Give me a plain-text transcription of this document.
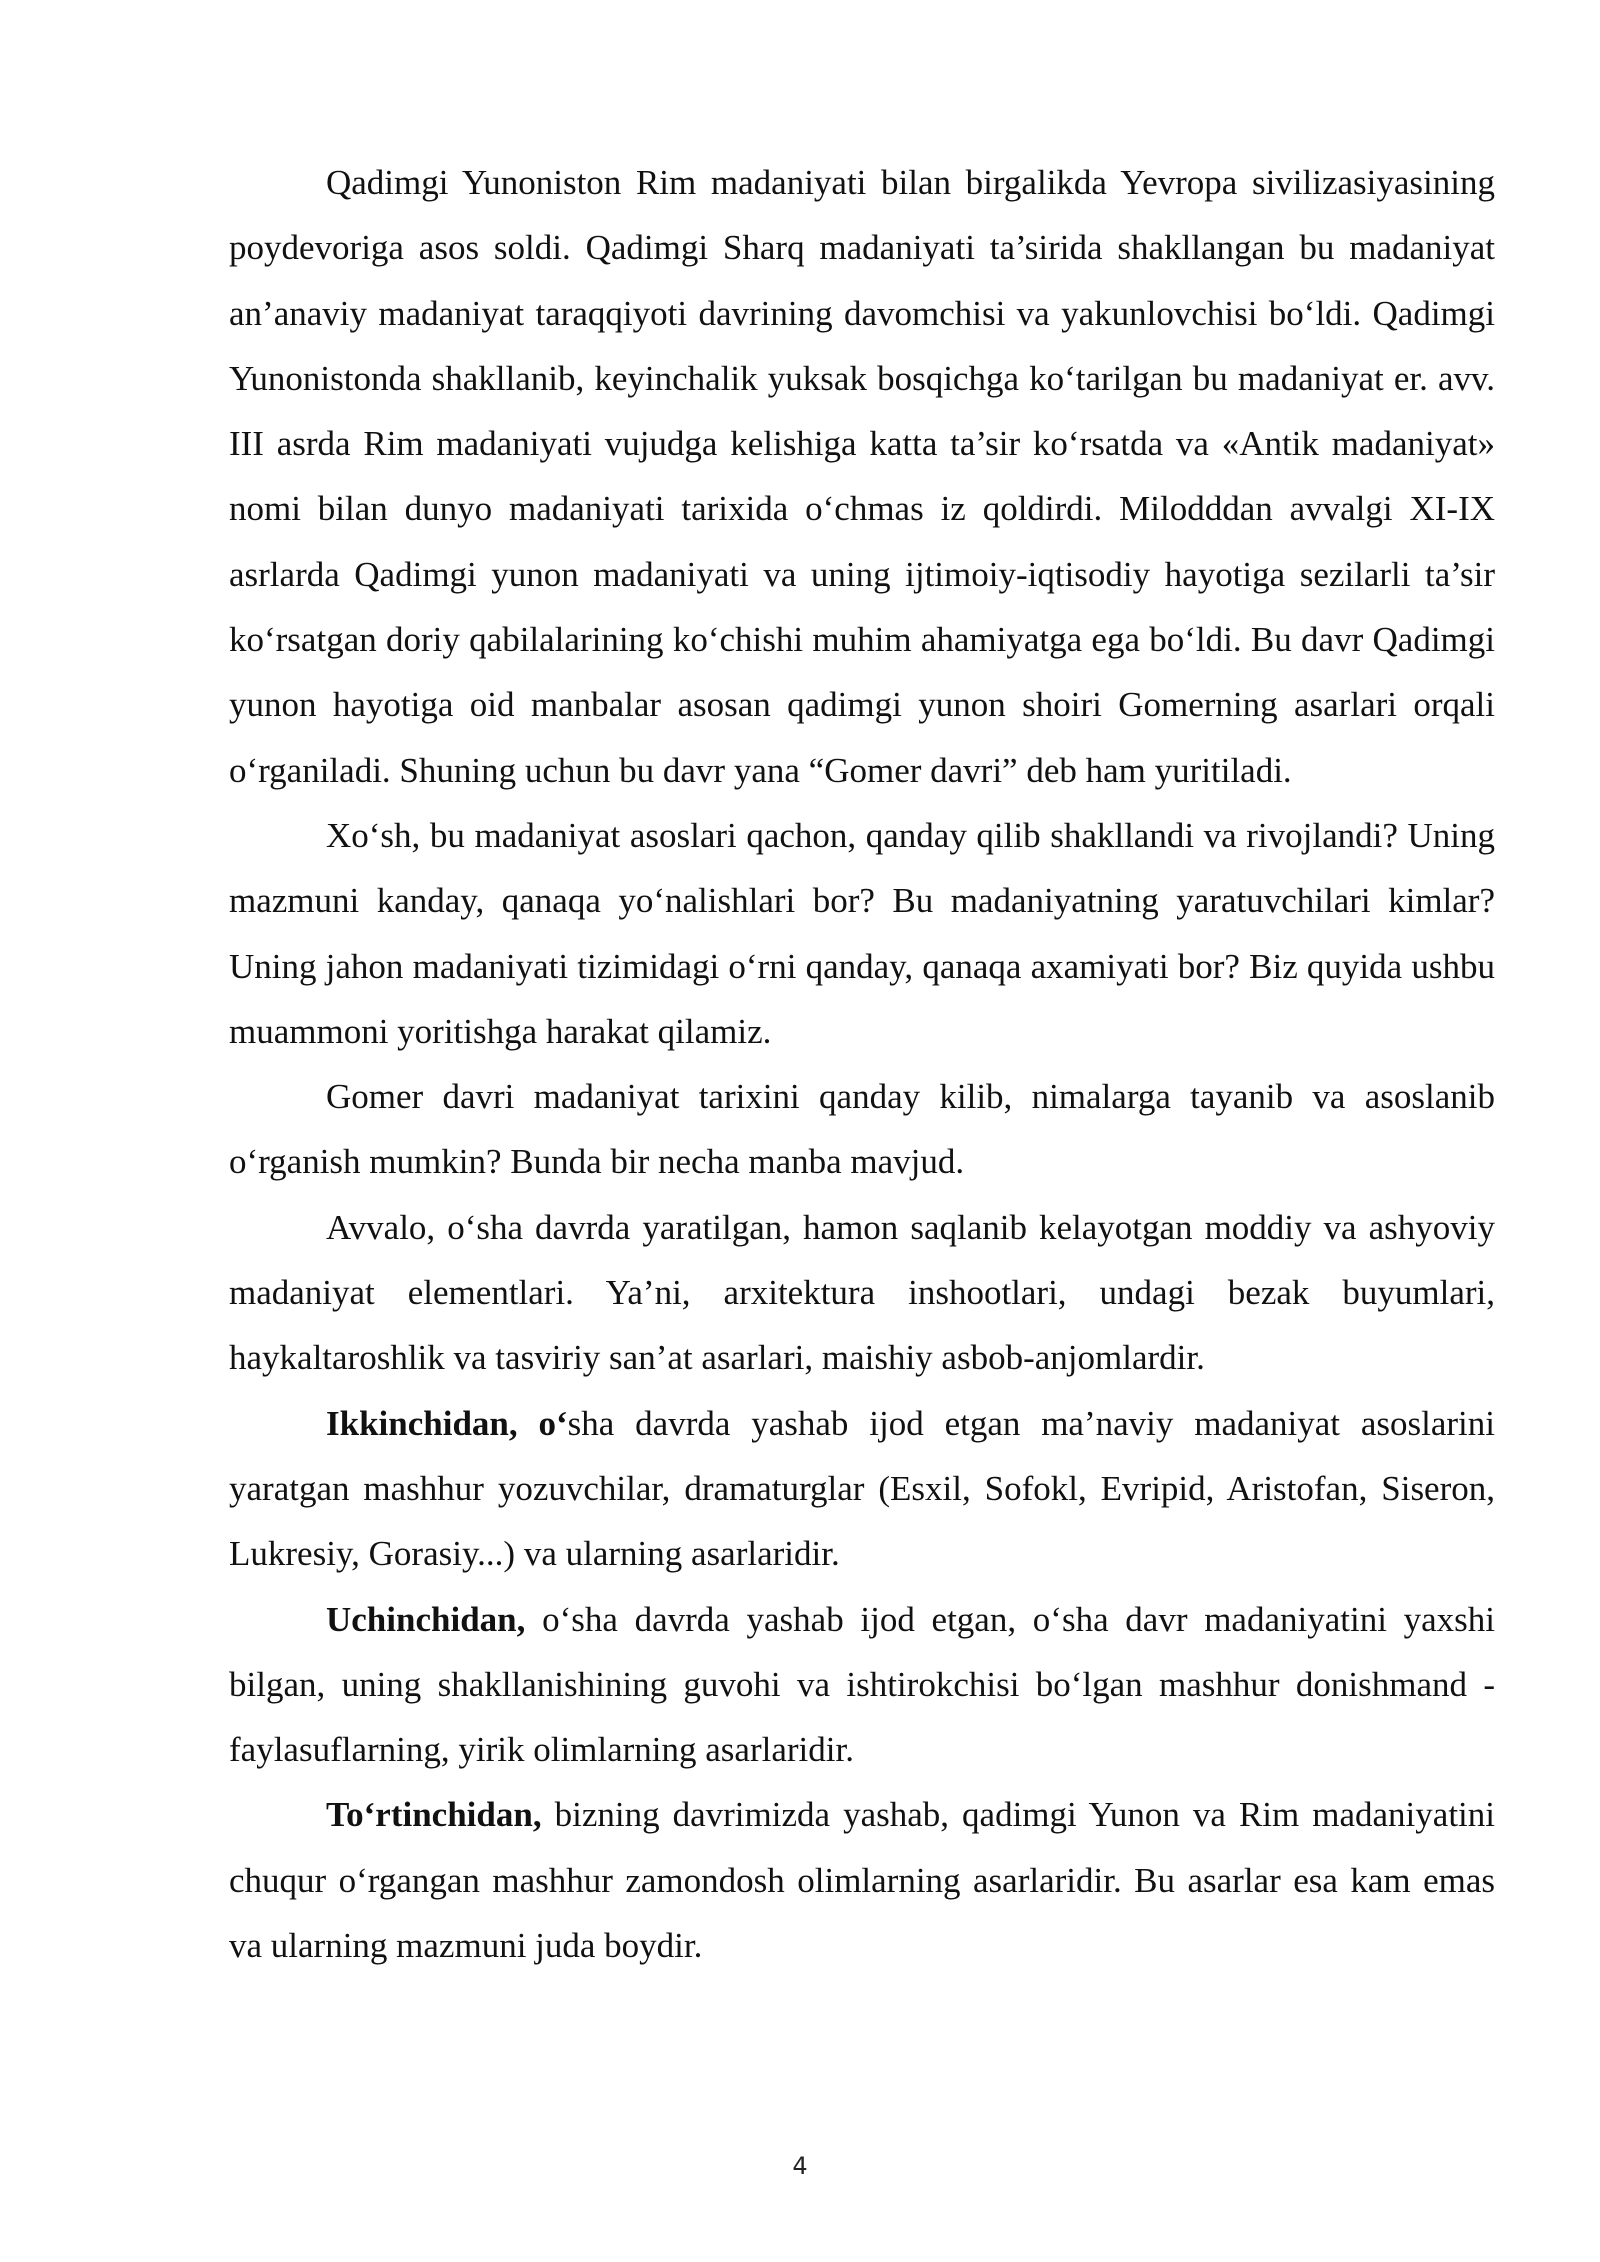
Qadimgi Yunoniston Rim madaniyati bilan birgalikda Yevropa sivilizasiyasining poydevoriga asos soldi. Qadimgi Sharq madaniyati ta’sirida shakllangan bu madaniyat an’anaviy madaniyat taraqqiyoti davrining davomchisi va yakunlovchisi bo‘ldi. Qadimgi Yunonistonda shakllanib, keyinchalik yuksak bosqichga ko‘tarilgan bu madaniyat er. avv. III asrda Rim madaniyati vujudga kelishiga katta ta’sir ko‘rsatda va «Antik madaniyat» nomi bilan dunyo madaniyati tarixida o‘chmas iz qoldirdi. Milodddan avvalgi XI-IX asrlarda Qadimgi yunon madaniyati va uning ijtimoiy-iqtisodiy hayotiga sezilarli ta’sir ko‘rsatgan doriy qabilalarining ko‘chishi muhim ahamiyatga ega bo‘ldi. Bu davr Qadimgi yunon hayotiga oid manbalar asosan qadimgi yunon shoiri Gomerning asarlari orqali o‘rganiladi. Shuning uchun bu davr yana “Gomer davri” deb ham yuritiladi.

Xo‘sh, bu madaniyat asoslari qachon, qanday qilib shakllandi va rivojlandi? Uning mazmuni kanday, qanaqa yo‘nalishlari bor? Bu madaniyatning yaratuvchilari kimlar? Uning jahon madaniyati tizimidagi o‘rni qanday, qanaqa axamiyati bor? Biz quyida ushbu muammoni yoritishga harakat qilamiz.

Gomer davri madaniyat tarixini qanday kilib, nimalarga tayanib va asoslanib o‘rganish mumkin? Bunda bir necha manba mavjud.

Avvalo, o‘sha davrda yaratilgan, hamon saqlanib kelayotgan moddiy va ashyoviy madaniyat elementlari. Ya’ni, arxitektura inshootlari, undagi bezak buyumlari, haykaltaroshlik va tasviriy san’at asarlari, maishiy asbob-anjomlardir.

Ikkinchidan, o‘sha davrda yashab ijod etgan ma’naviy madaniyat asoslarini yaratgan mashhur yozuvchilar, dramaturglar (Esxil, Sofokl, Evripid, Aristofan, Siseron, Lukresiy, Gorasiy...) va ularning asarlaridir.

Uchinchidan, o‘sha davrda yashab ijod etgan, o‘sha davr madaniyatini yaxshi bilgan, uning shakllanishining guvohi va ishtirokchisi bo‘lgan mashhur donishmand - faylasuflarning, yirik olimlarning asarlaridir.

To‘rtinchidan, bizning davrimizda yashab, qadimgi Yunon va Rim madaniyatini chuqur o‘rgangan mashhur zamondosh olimlarning asarlaridir. Bu asarlar esa kam emas va ularning mazmuni juda boydir.

4
